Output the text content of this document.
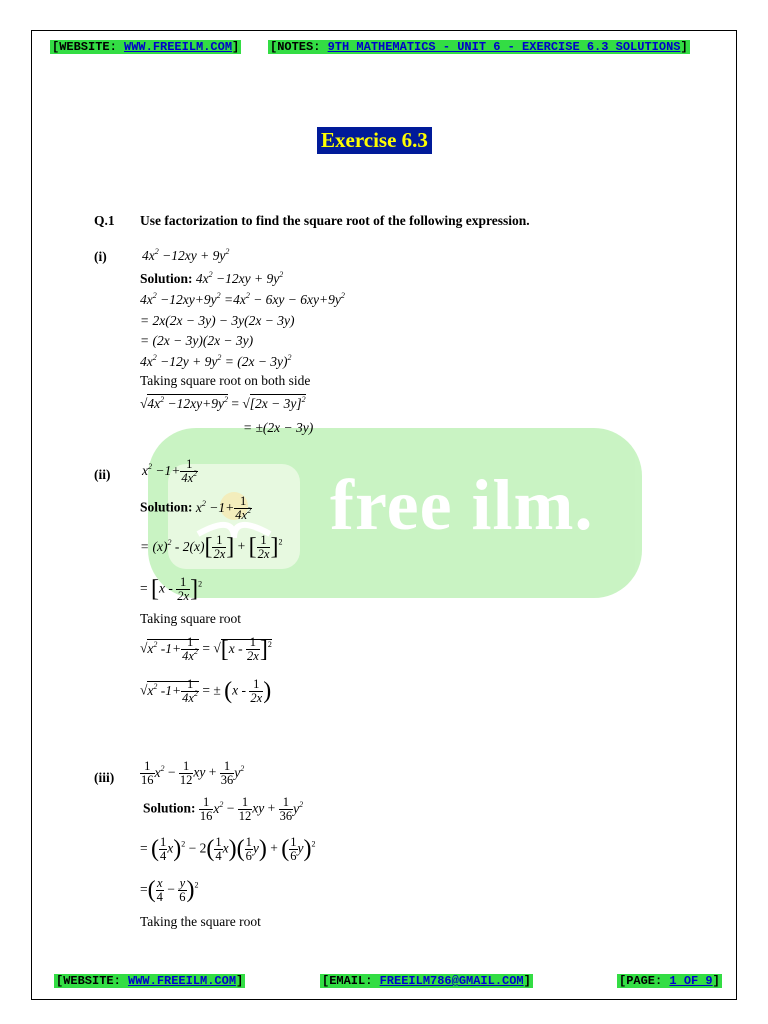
[WEBSITE: WWW.FREEILM.COM]	[NOTES: 9TH MATHEMATICS - UNIT 6 - EXERCISE 6.3 SOLUTIONS]
free ilm.
Exercise 6.3
Q.1 Use factorization to find the square root of the following expression.
(i)	$4x^2 -12xy + 9y^2$
Solution: $4x^2 -12xy + 9y^2$
$4x^2 -12xy+9y^2 =4x^2 - 6xy - 6xy+9y^2$
= 2x(2x − 3y) − 3y(2x − 3y)
= (2x − 3y)(2x − 3y)
$4x^2 -12y + 9y^2 = (2x - 3y)^2$
Taking square root on both side
$√4x^2 -12xy+9y^2 = √[2x - 3y]^2$
= ±(2x − 3y)
(ii) $x^2 -1+ \frac{1}{4x^2}$
Solution: $x^2 -1+ \frac{1}{4x^2}$
= $(x)^2 - 2(x)[ \frac{1}{2x}$ ] + [ $\frac{1}{2x} ]^2$
= $[x - \frac{1}{2x} ]^2$
Taking square root
$√x^2$ $-1+ \frac{1}{4x^2} = √[x - \frac{1}{2x} ]^2$
$√x^2$ $-1+ \frac{1}{4x^2}$ = ± ($x - \frac{1}{2x}$ )
$(iii) \frac{1}{16} x^2 - \frac{1}{12}$ xy + $\frac{1}{36} y^2$
Solution: $\frac{1}{16} x^2 - \frac{1}{12}$ xy + $\frac{1}{36} y^2$
= ( $\frac{1}{4} x)^2 - 2( \frac{1}{4} x)( \frac{1}{6} y)$ + ( $\frac{1}{6} y)^2$
=( $\frac{x}{4} - \frac{y}{6} )^2$
Taking the square root
[WEBSITE: WWW.FREEILM.COM]	[EMAIL: FREEILM786@GMAIL.COM]	[PAGE: 1 OF 9]
